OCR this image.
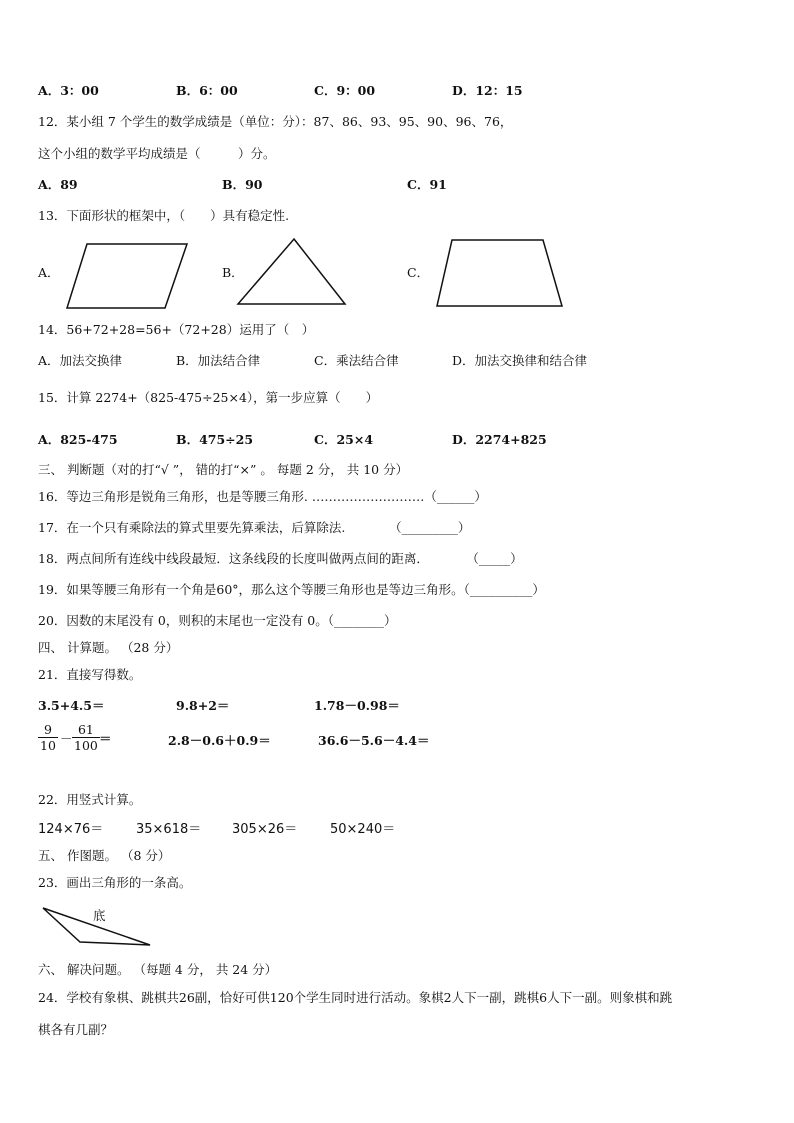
A．3：00	B．6：00	C．9：00	D．12：15
12．某小组 7 个学生的数学成绩是（单位：分）：87、86、93、95、90、96、76，
这个小组的数学平均成绩是（　　　）分。
A．89	B．90	C．91
13．下面形状的框架中，（　　）具有稳定性.
A．	B．	C．
14．56+72+28=56+（72+28）运用了（　）
A．加法交换律	B．加法结合律	C．乘法结合律	D．加法交换律和结合律
15．计算 2274+（825-475÷25×4），第一步应算（　　）
A．825-475	B．475÷25	C．25×4	D．2274+825
三、 判断题（对的打“√ ”， 错的打“×” 。 每题 2 分， 共 10 分）
16．等边三角形是锐角三角形，也是等腰三角形. ………………………（______）
17．在一个只有乘除法的算式里要先算乘法，后算除法.　　　　（_________）
18．两点间所有连线中线段最短．这条线段的长度叫做两点间的距离．　　　　（_____）
19．如果等腰三角形有一个角是60°，那么这个等腰三角形也是等边三角形。（__________）
20．因数的末尾没有 0，则积的末尾也一定没有 0。（________）
四、 计算题。 （28 分）
21．直接写得数。
3.5+4.5＝	9.8+2＝	1.78－0.98＝
$\frac{9}{10} - \frac{61}{100}$ ＝	2.8－0.6＋0.9＝	36.6－5.6－4.4＝
22．用竖式计算。
124×76＝	35×618＝ 305×26＝	50×240＝
五、 作图题。 （8 分）
23．画出三角形的一条高。
底
六、 解决问题。 （每题 4 分， 共 24 分）
24．学校有象棋、跳棋共26副，恰好可供120个学生同时进行活动。象棋2人下一副，跳棋6人下一副。则象棋和跳
棋各有几副？
